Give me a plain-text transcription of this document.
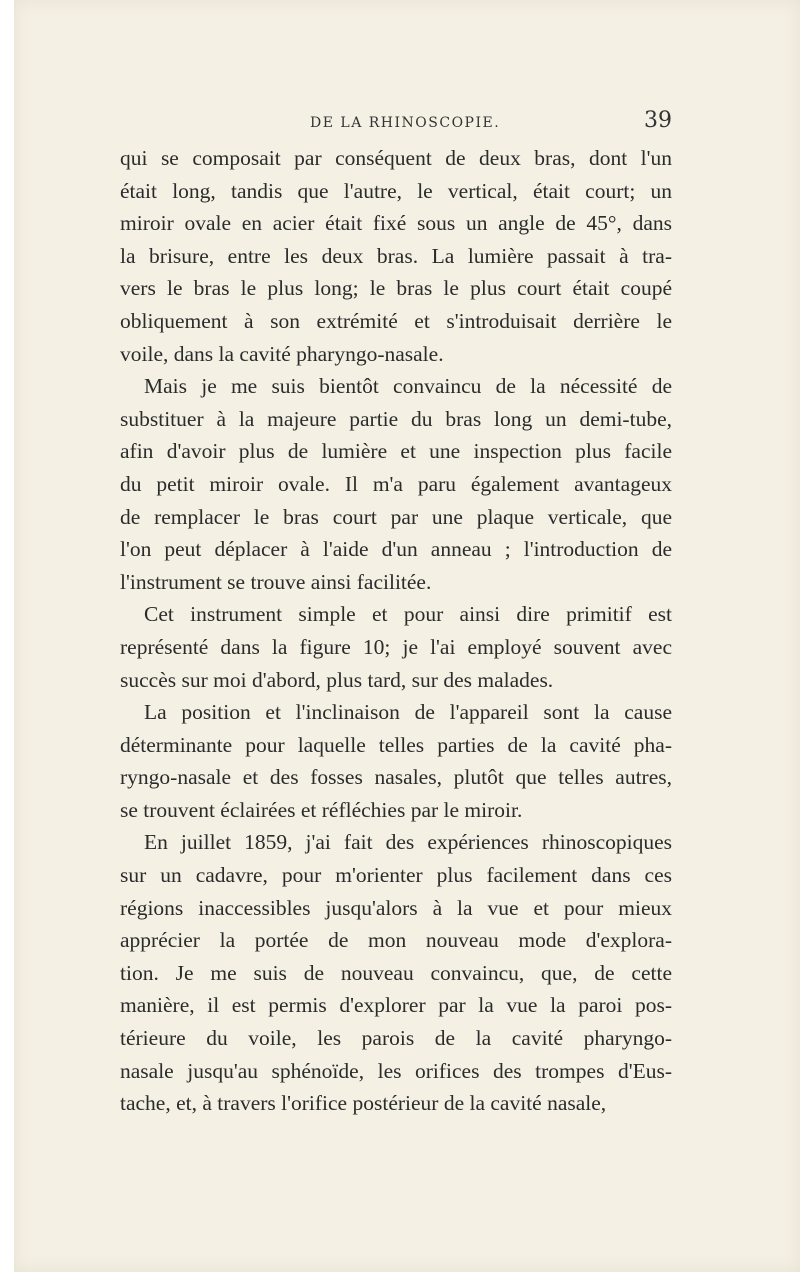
DE LA RHINOSCOPIE.	39

qui se composait par conséquent de deux bras, dont l'un
était long, tandis que l'autre, le vertical, était court; un
miroir ovale en acier était fixé sous un angle de 45°, dans
la brisure, entre les deux bras. La lumière passait à tra-
vers le bras le plus long; le bras le plus court était coupé
obliquement à son extrémité et s'introduisait derrière le
voile, dans la cavité pharyngo-nasale.

Mais je me suis bientôt convaincu de la nécessité de
substituer à la majeure partie du bras long un demi-tube,
afin d'avoir plus de lumière et une inspection plus facile
du petit miroir ovale. Il m'a paru également avantageux
de remplacer le bras court par une plaque verticale, que
l'on peut déplacer à l'aide d'un anneau ; l'introduction de
l'instrument se trouve ainsi facilitée.

Cet instrument simple et pour ainsi dire primitif est
représenté dans la figure 10; je l'ai employé souvent avec
succès sur moi d'abord, plus tard, sur des malades.

La position et l'inclinaison de l'appareil sont la cause
déterminante pour laquelle telles parties de la cavité pha-
ryngo-nasale et des fosses nasales, plutôt que telles autres,
se trouvent éclairées et réfléchies par le miroir.

En juillet 1859, j'ai fait des expériences rhinoscopiques
sur un cadavre, pour m'orienter plus facilement dans ces
régions inaccessibles jusqu'alors à la vue et pour mieux
apprécier la portée de mon nouveau mode d'explora-
tion. Je me suis de nouveau convaincu, que, de cette
manière, il est permis d'explorer par la vue la paroi pos-
térieure du voile, les parois de la cavité pharyngo-
nasale jusqu'au sphénoïde, les orifices des trompes d'Eus-
tache, et, à travers l'orifice postérieur de la cavité nasale,
